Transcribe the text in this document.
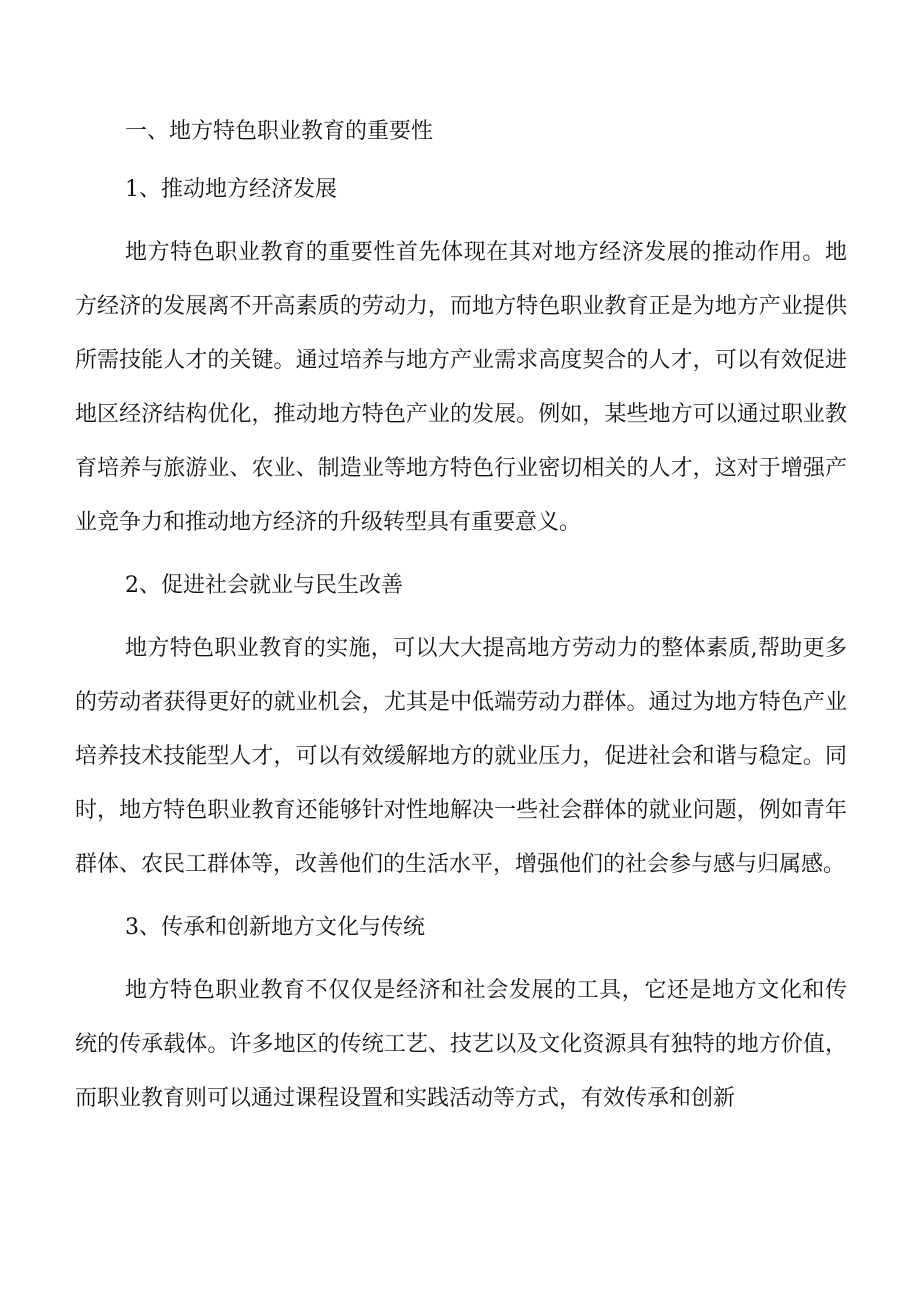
一、地方特色职业教育的重要性
1、推动地方经济发展

地方特色职业教育的重要性首先体现在其对地方经济发展的推动作用。地方经济的发展离不开高素质的劳动力，而地方特色职业教育正是为地方产业提供所需技能人才的关键。通过培养与地方产业需求高度契合的人才，可以有效促进地区经济结构优化，推动地方特色产业的发展。例如，某些地方可以通过职业教育培养与旅游业、农业、制造业等地方特色行业密切相关的人才，这对于增强产业竞争力和推动地方经济的升级转型具有重要意义。

2、促进社会就业与民生改善

地方特色职业教育的实施，可以大大提高地方劳动力的整体素质,帮助更多的劳动者获得更好的就业机会，尤其是中低端劳动力群体。通过为地方特色产业培养技术技能型人才，可以有效缓解地方的就业压力，促进社会和谐与稳定。同时，地方特色职业教育还能够针对性地解决一些社会群体的就业问题，例如青年群体、农民工群体等，改善他们的生活水平，增强他们的社会参与感与归属感。

3、传承和创新地方文化与传统

地方特色职业教育不仅仅是经济和社会发展的工具，它还是地方文化和传统的传承载体。许多地区的传统工艺、技艺以及文化资源具有独特的地方价值，而职业教育则可以通过课程设置和实践活动等方式，有效传承和创新
